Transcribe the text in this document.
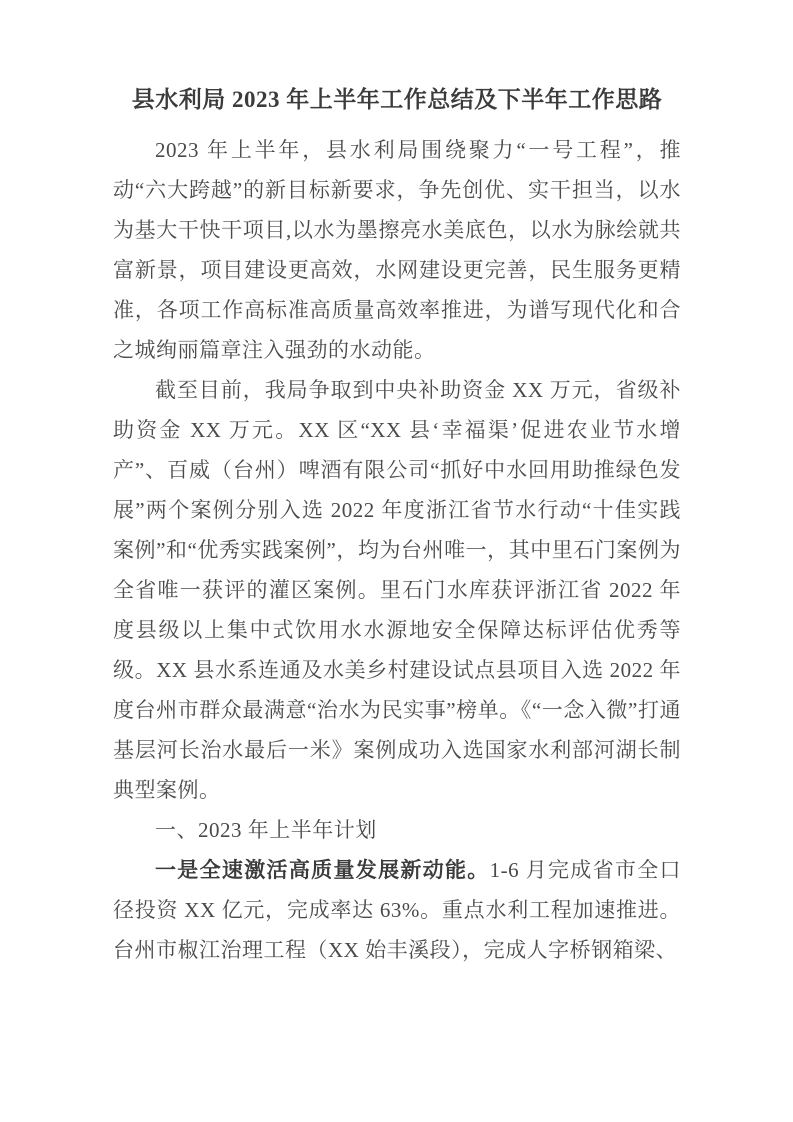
县水利局 2023 年上半年工作总结及下半年工作思路

2023 年上半年，县水利局围绕聚力“一号工程”，推动“六大跨越”的新目标新要求，争先创优、实干担当，以水为基大干快干项目,以水为墨擦亮水美底色，以水为脉绘就共富新景，项目建设更高效，水网建设更完善，民生服务更精准，各项工作高标准高质量高效率推进，为谱写现代化和合之城绚丽篇章注入强劲的水动能。

截至目前，我局争取到中央补助资金 XX 万元，省级补助资金 XX 万元。XX 区“XX 县‘幸福渠’促进农业节水增产”、百威（台州）啤酒有限公司“抓好中水回用助推绿色发展”两个案例分别入选 2022 年度浙江省节水行动“十佳实践案例”和“优秀实践案例”，均为台州唯一，其中里石门案例为全省唯一获评的灌区案例。里石门水库获评浙江省 2022 年度县级以上集中式饮用水水源地安全保障达标评估优秀等级。XX 县水系连通及水美乡村建设试点县项目入选 2022 年度台州市群众最满意“治水为民实事”榜单。《“一念入微”打通基层河长治水最后一米》案例成功入选国家水利部河湖长制典型案例。

一、2023 年上半年计划

一是全速激活高质量发展新动能。1-6 月完成省市全口径投资 XX 亿元，完成率达 63%。重点水利工程加速推进。台州市椒江治理工程（XX 始丰溪段），完成人字桥钢箱梁、
